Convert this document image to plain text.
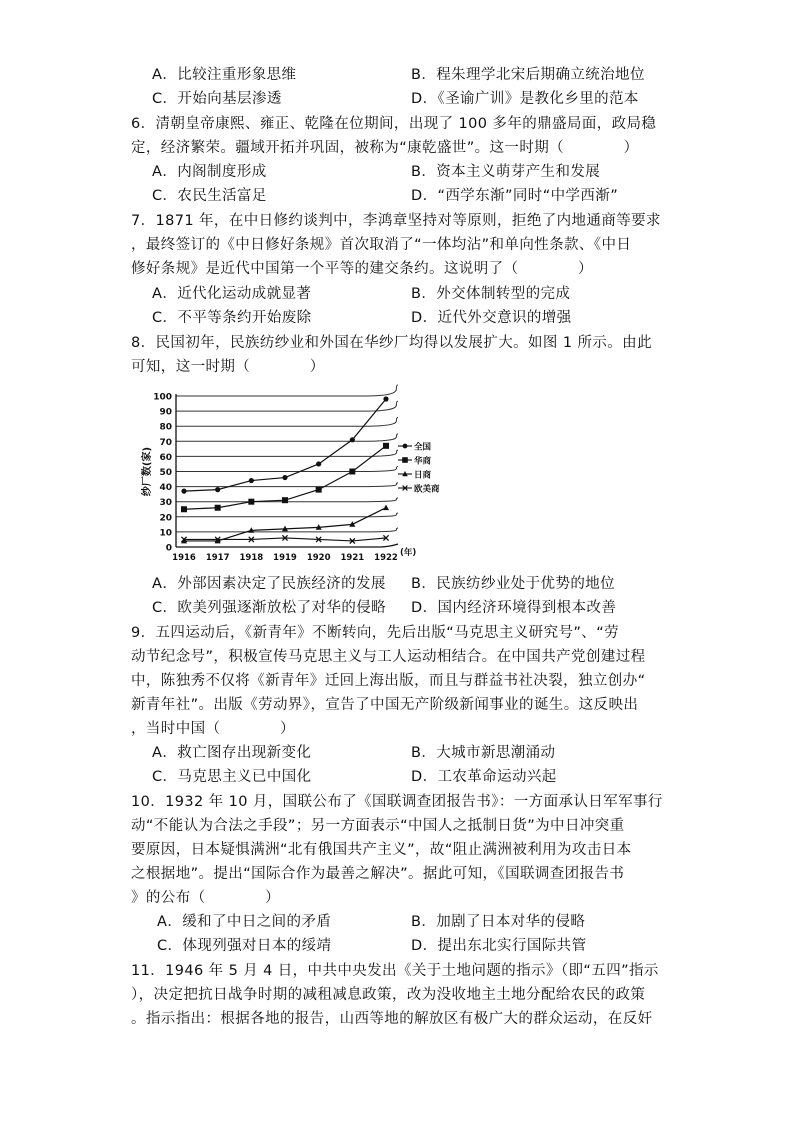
A．比较注重形象思维	B．程朱理学北宋后期确立统治地位
C．开始向基层渗透	D．《圣谕广训》是教化乡里的范本
6．清朝皇帝康熙、雍正、乾隆在位期间，出现了 100 多年的鼎盛局面，政局稳
定，经济繁荣。疆域开拓并巩固，被称为“康乾盛世”。这一时期（　　　　）
A．内阁制度形成	B．资本主义萌芽产生和发展
C．农民生活富足	D．“西学东渐”同时“中学西渐”
7．1871 年，在中日修约谈判中，李鸿章坚持对等原则，拒绝了内地通商等要求
，最终签订的《中日修好条规》首次取消了“一体均沾”和单向性条款、《中日
修好条规》是近代中国第一个平等的建交条约。这说明了（　　　　）
A．近代化运动成就显著	B．外交体制转型的完成
C．不平等条约开始废除	D．近代外交意识的增强
8．民国初年，民族纺纱业和外国在华纱厂均得以发展扩大。如图 1 所示。由此
可知，这一时期（　　　　）
0
10
20
30
40
50
60
70
80
90
100
1916 1917 1918 1919 1920 1921 1922 (年)
纱厂数(家)	全国
华商
日商
欧美商
A．外部因素决定了民族经济的发展 B．民族纺纱业处于优势的地位
C．欧美列强逐渐放松了对华的侵略 D．国内经济环境得到根本改善
9．五四运动后，《新青年》不断转向，先后出版“马克思主义研究号”、“劳
动节纪念号”，积极宣传马克思主义与工人运动相结合。在中国共产党创建过程
中，陈独秀不仅将《新青年》迁回上海出版，而且与群益书社决裂，独立创办“
新青年社”。出版《劳动界》，宣告了中国无产阶级新闻事业的诞生。这反映出
，当时中国（　　　　）
A．救亡图存出现新变化	B．大城市新思潮涌动
C．马克思主义已中国化	D．工农革命运动兴起
10．1932 年 10 月，国联公布了《国联调查团报告书》：一方面承认日军军事行
动“不能认为合法之手段”；另一方面表示“中国人之抵制日货”为中日冲突重
要原因，日本疑惧满洲“北有俄国共产主义”，故“阻止满洲被利用为攻击日本
之根据地”。提出“国际合作为最善之解决”。据此可知，《国联调查团报告书
》的公布（　　　　）
A．缓和了中日之间的矛盾	B．加剧了日本对华的侵略
C．体现列强对日本的绥靖	D．提出东北实行国际共管
11．1946 年 5 月 4 日，中共中央发出《关于土地问题的指示》（即“五四”指示
），决定把抗日战争时期的减租减息政策，改为没收地主土地分配给农民的政策
。指示指出：根据各地的报告，山西等地的解放区有极广大的群众运动，在反奸
